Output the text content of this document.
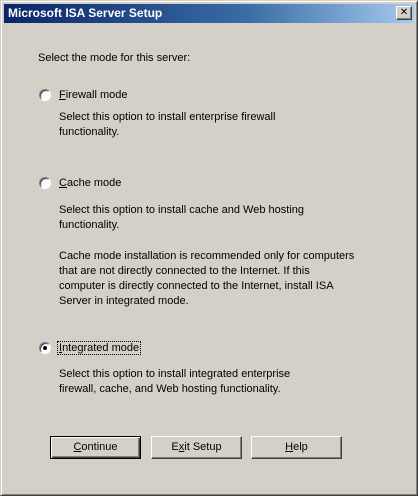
Microsoft ISA Server Setup	✕
Select the mode for this server:
Firewall mode
Select this option to install enterprise firewall
functionality.
Cache mode
Select this option to install cache and Web hosting
functionality.
Cache mode installation is recommended only for computers
that are not directly connected to the Internet. If this
computer is directly connected to the Internet, install ISA
Server in integrated mode.
Integrated mode
Select this option to install integrated enterprise
firewall, cache, and Web hosting functionality.
Continue	Exit Setup	Help
